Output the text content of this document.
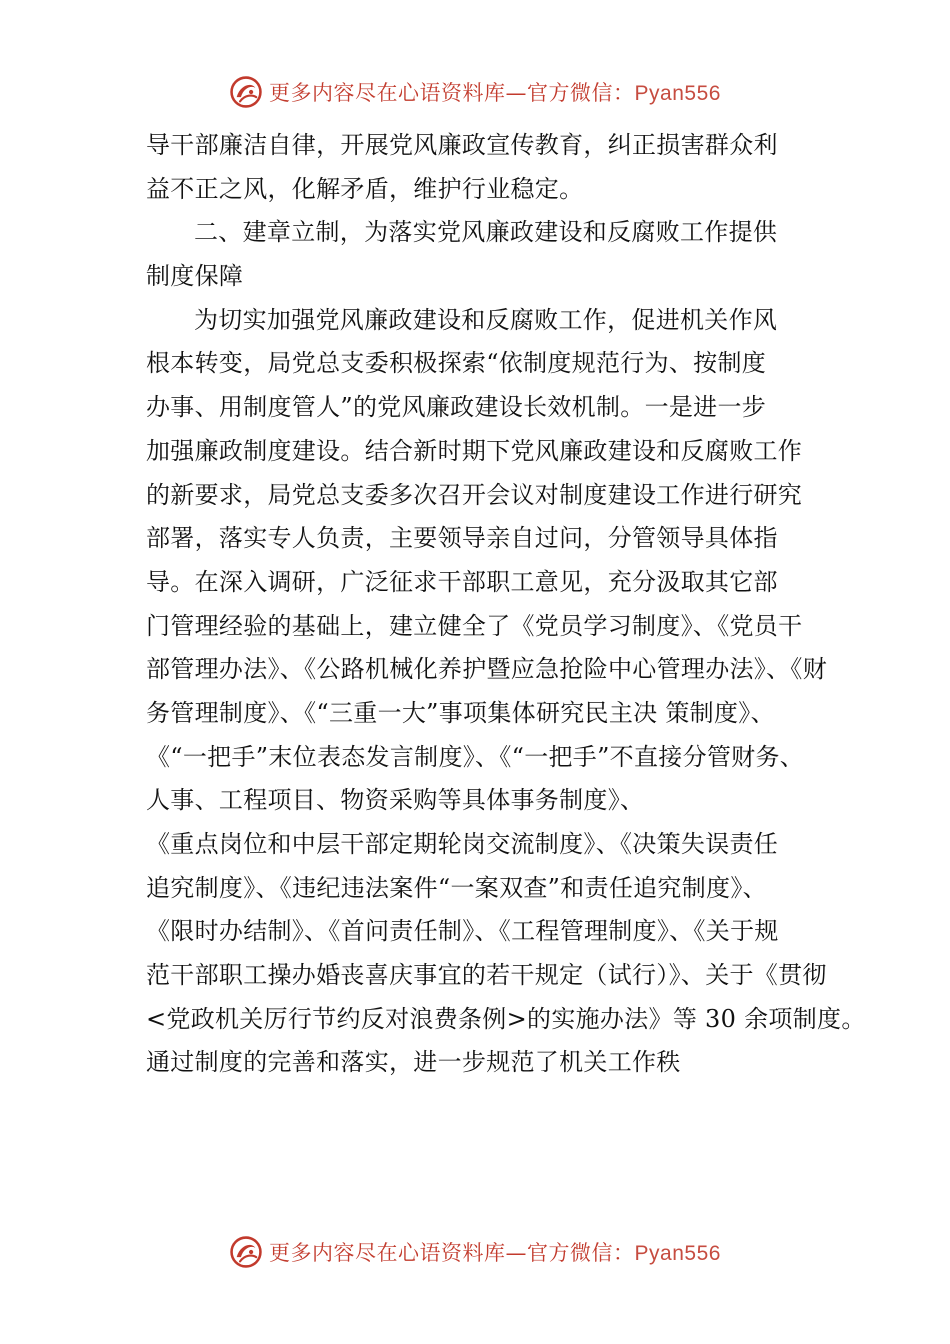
更多内容尽在心语资料库—官方微信：Pyan556
导干部廉洁自律，开展党风廉政宣传教育，纠正损害群众利
益不正之风，化解矛盾，维护行业稳定。
二、建章立制，为落实党风廉政建设和反腐败工作提供
制度保障
为切实加强党风廉政建设和反腐败工作，促进机关作风
根本转变，局党总支委积极探索“依制度规范行为、按制度
办事、用制度管人”的党风廉政建设长效机制。一是进一步
加强廉政制度建设。结合新时期下党风廉政建设和反腐败工作
的新要求，局党总支委多次召开会议对制度建设工作进行研究
部署，落实专人负责，主要领导亲自过问，分管领导具体指
导。在深入调研，广泛征求干部职工意见，充分汲取其它部
门管理经验的基础上，建立健全了《党员学习制度》、《党员干
部管理办法》、《公路机械化养护暨应急抢险中心管理办法》、《财
务管理制度》、《“三重一大”事项集体研究民主决 策制度》、
《“一把手”末位表态发言制度》、《“一把手”不直接分管财务、
人事、工程项目、物资采购等具体事务制度》、
《重点岗位和中层干部定期轮岗交流制度》、《决策失误责任
追究制度》、《违纪违法案件“一案双查”和责任追究制度》、
《限时办结制》、《首问责任制》、《工程管理制度》、《关于规
范干部职工操办婚丧喜庆事宜的若干规定（试行）》、关于《贯彻
<党政机关厉行节约反对浪费条例>的实施办法》等 30 余项制度。
通过制度的完善和落实，进一步规范了机关工作秩
更多内容尽在心语资料库—官方微信：Pyan556
